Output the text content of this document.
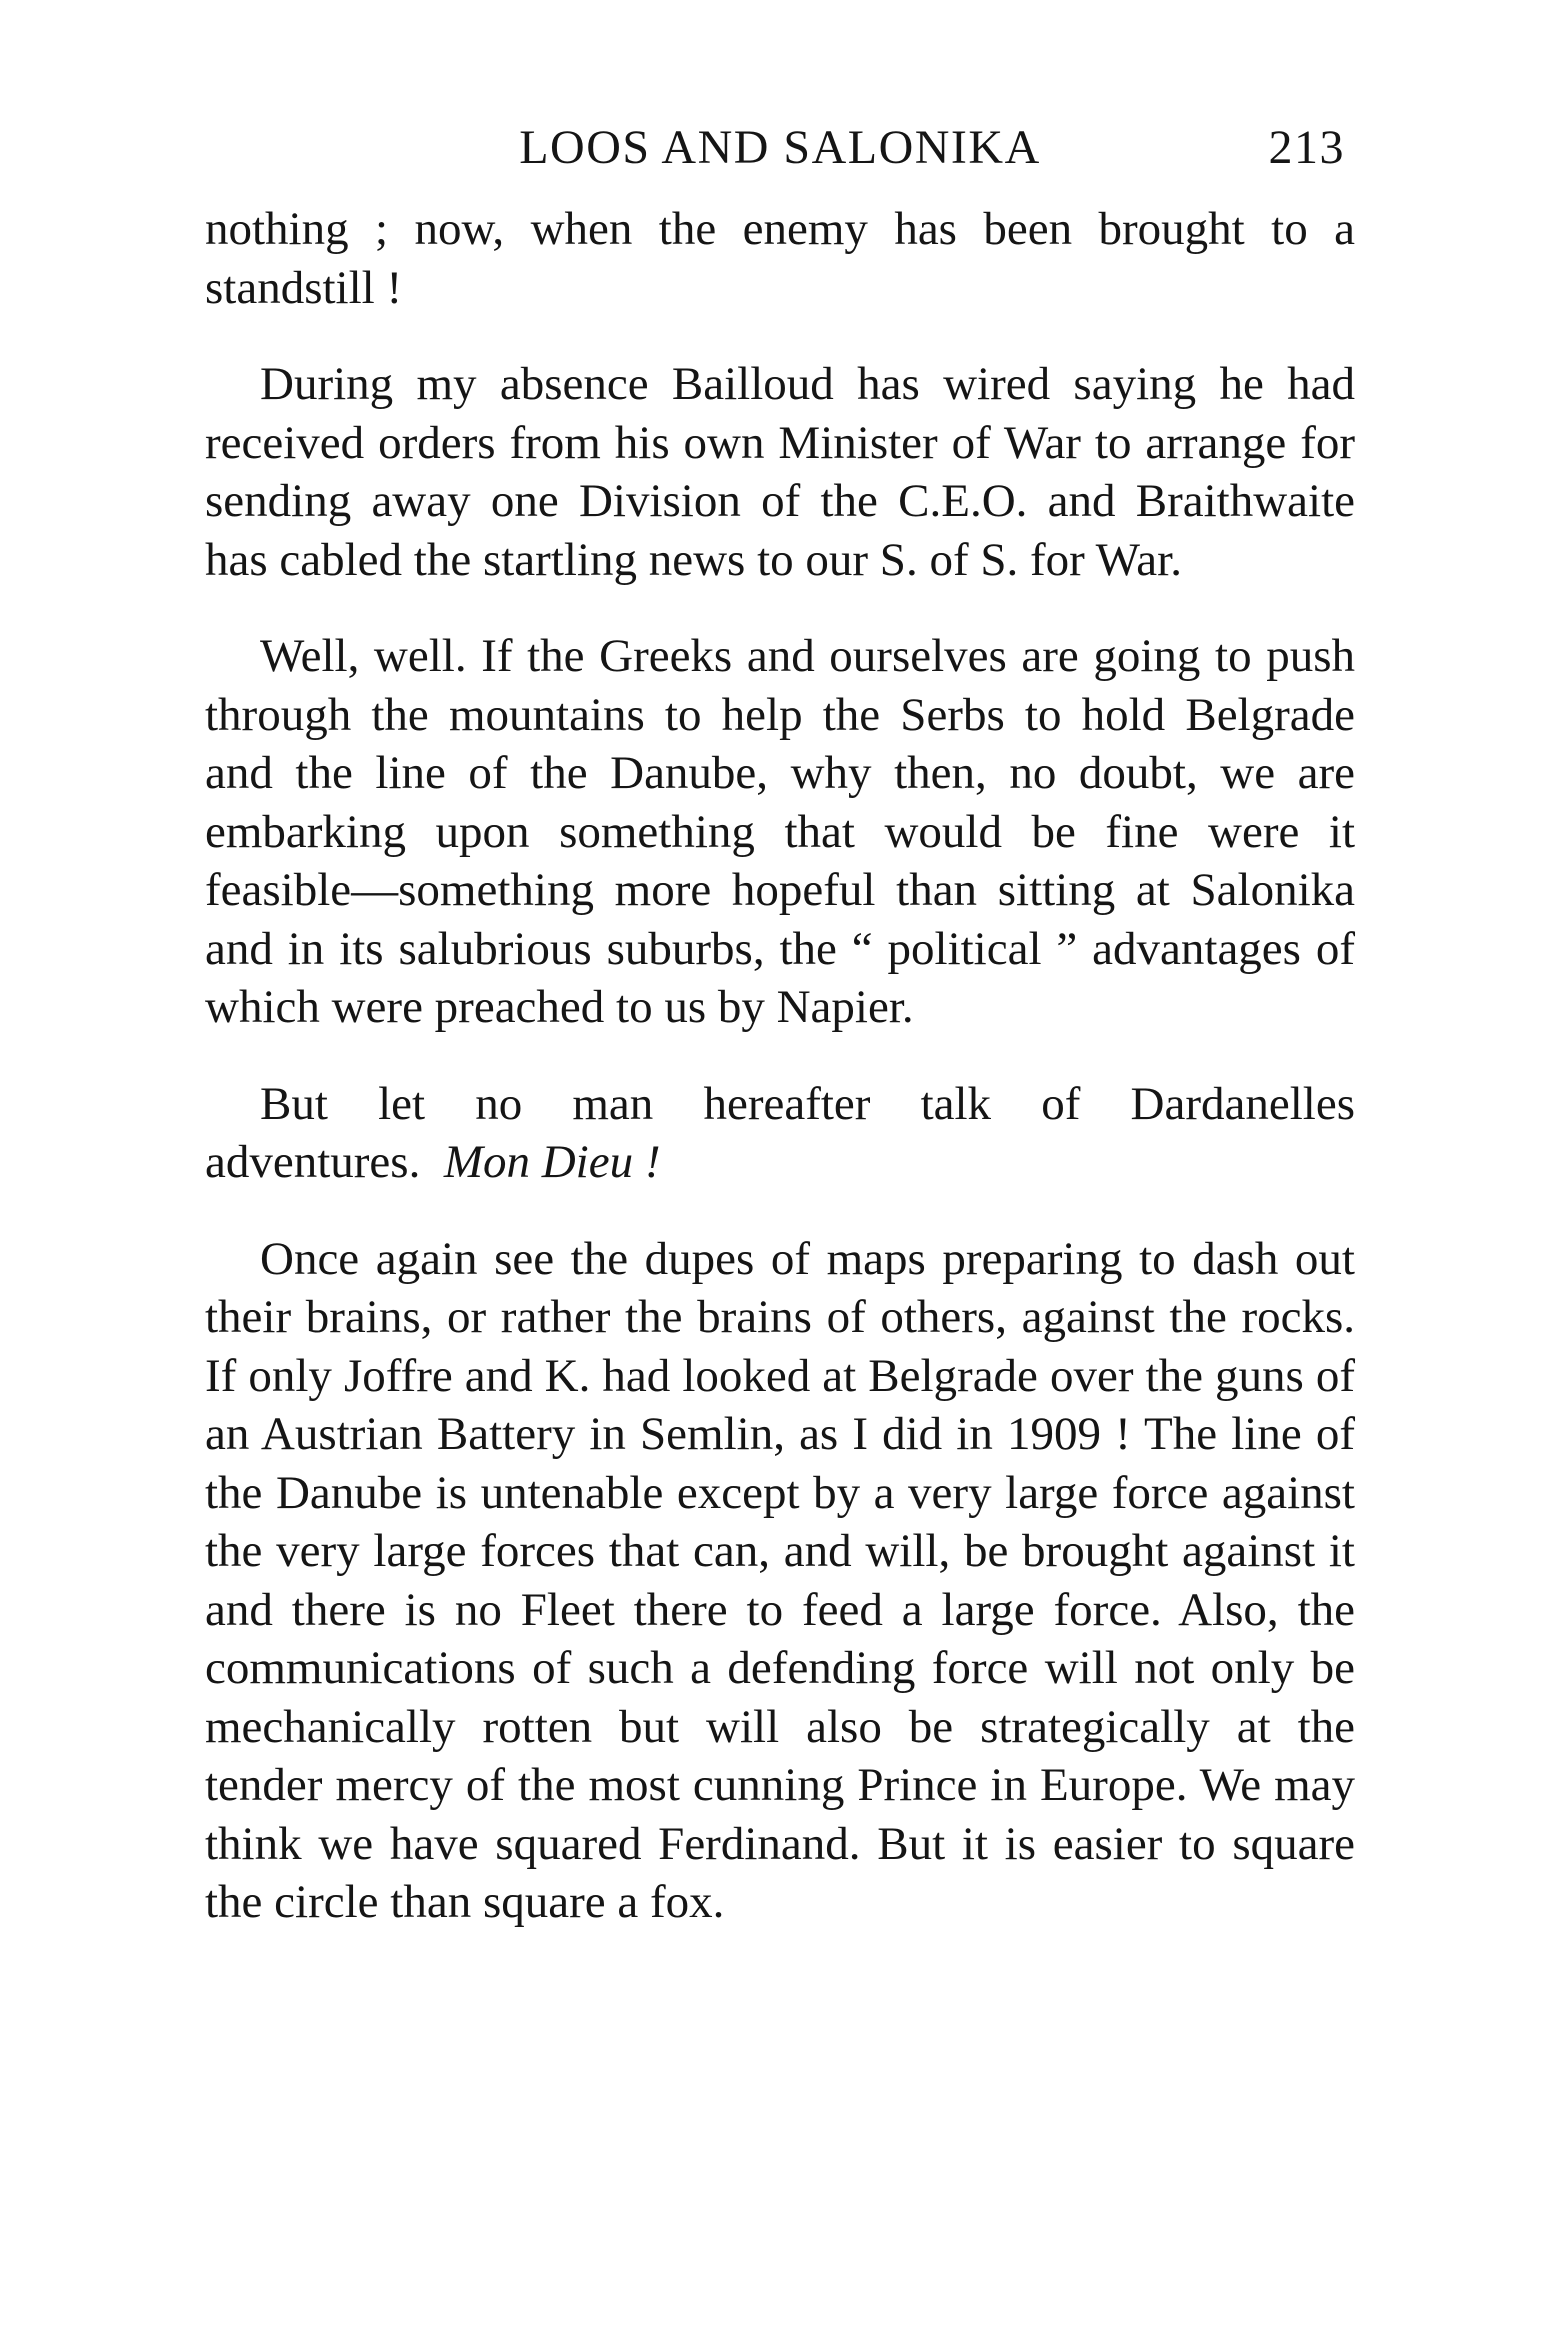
LOOS AND SALONIKA	213

nothing ; now, when the enemy has been brought to a standstill !

During my absence Bailloud has wired saying he had received orders from his own Minister of War to arrange for sending away one Division of the C.E.O. and Braithwaite has cabled the startling news to our S. of S. for War.

Well, well. If the Greeks and ourselves are going to push through the mountains to help the Serbs to hold Belgrade and the line of the Danube, why then, no doubt, we are embarking upon something that would be fine were it feasible—something more hopeful than sitting at Salonika and in its salubrious suburbs, the “ political ” advantages of which were preached to us by Napier.

But let no man hereafter talk of Dardanelles adventures. Mon Dieu !

Once again see the dupes of maps preparing to dash out their brains, or rather the brains of others, against the rocks. If only Joffre and K. had looked at Belgrade over the guns of an Austrian Battery in Semlin, as I did in 1909 ! The line of the Danube is untenable except by a very large force against the very large forces that can, and will, be brought against it and there is no Fleet there to feed a large force. Also, the communications of such a defending force will not only be mechanically rotten but will also be strategically at the tender mercy of the most cunning Prince in Europe. We may think we have squared Ferdinand. But it is easier to square the circle than square a fox.
